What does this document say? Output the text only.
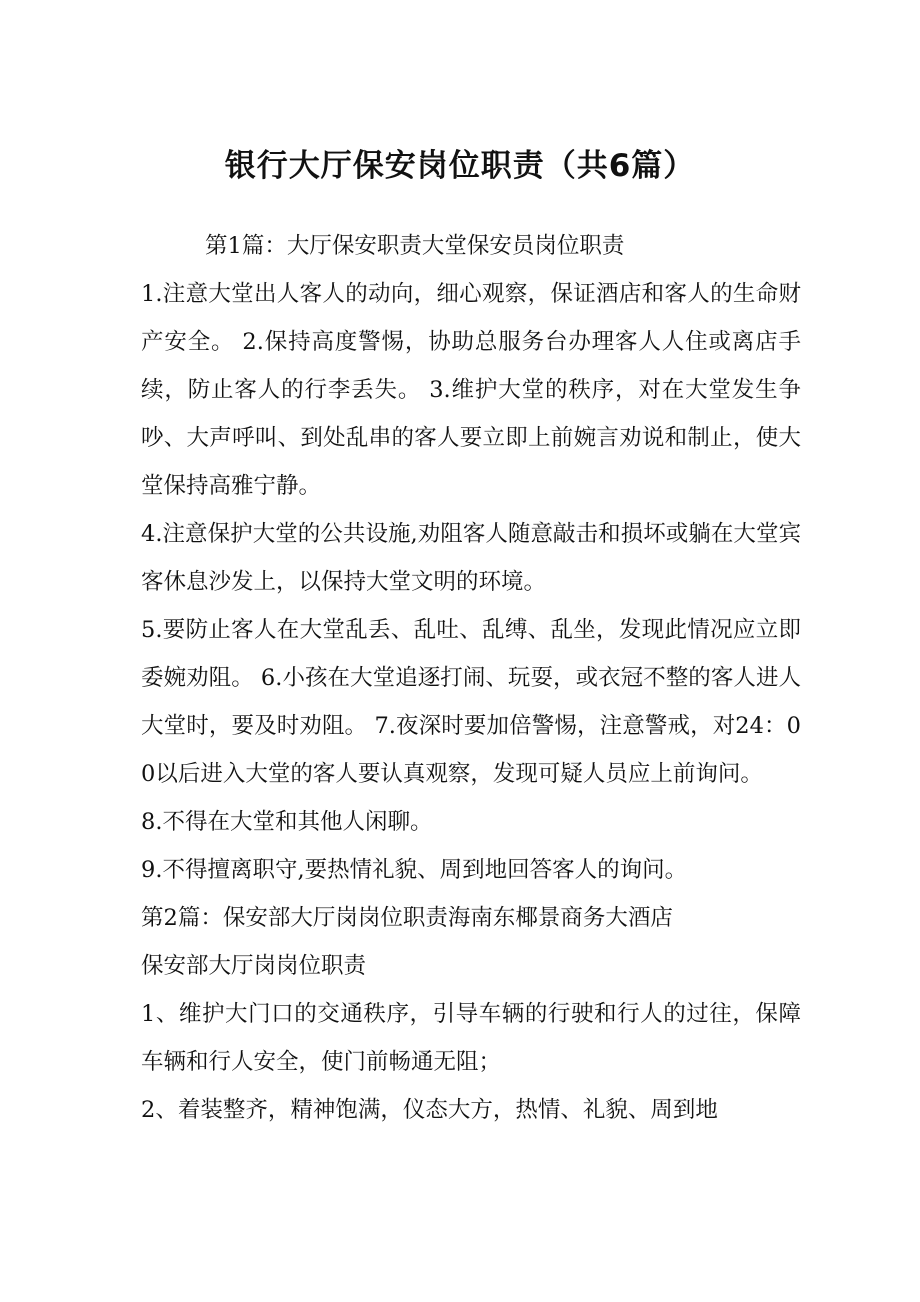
银行大厅保安岗位职责（共6篇）

第1篇：大厅保安职责大堂保安员岗位职责

1.注意大堂出人客人的动向，细心观察，保证酒店和客人的生命财产安全。 2.保持高度警惕，协助总服务台办理客人人住或离店手续，防止客人的行李丢失。 3.维护大堂的秩序，对在大堂发生争吵、大声呼叫、到处乱串的客人要立即上前婉言劝说和制止，使大堂保持高雅宁静。

4.注意保护大堂的公共设施,劝阻客人随意敲击和损坏或躺在大堂宾客休息沙发上，以保持大堂文明的环境。

5.要防止客人在大堂乱丢、乱吐、乱缚、乱坐，发现此情况应立即委婉劝阻。 6.小孩在大堂追逐打闹、玩耍，或衣冠不整的客人进人大堂时，要及时劝阻。 7.夜深时要加倍警惕，注意警戒，对24：00以后进入大堂的客人要认真观察，发现可疑人员应上前询问。

8.不得在大堂和其他人闲聊。

9.不得擅离职守,要热情礼貌、周到地回答客人的询问。

第2篇：保安部大厅岗岗位职责海南东椰景商务大酒店

保安部大厅岗岗位职责

1、维护大门口的交通秩序，引导车辆的行驶和行人的过往，保障车辆和行人安全，使门前畅通无阻；

2、着装整齐，精神饱满，仪态大方，热情、礼貌、周到地
